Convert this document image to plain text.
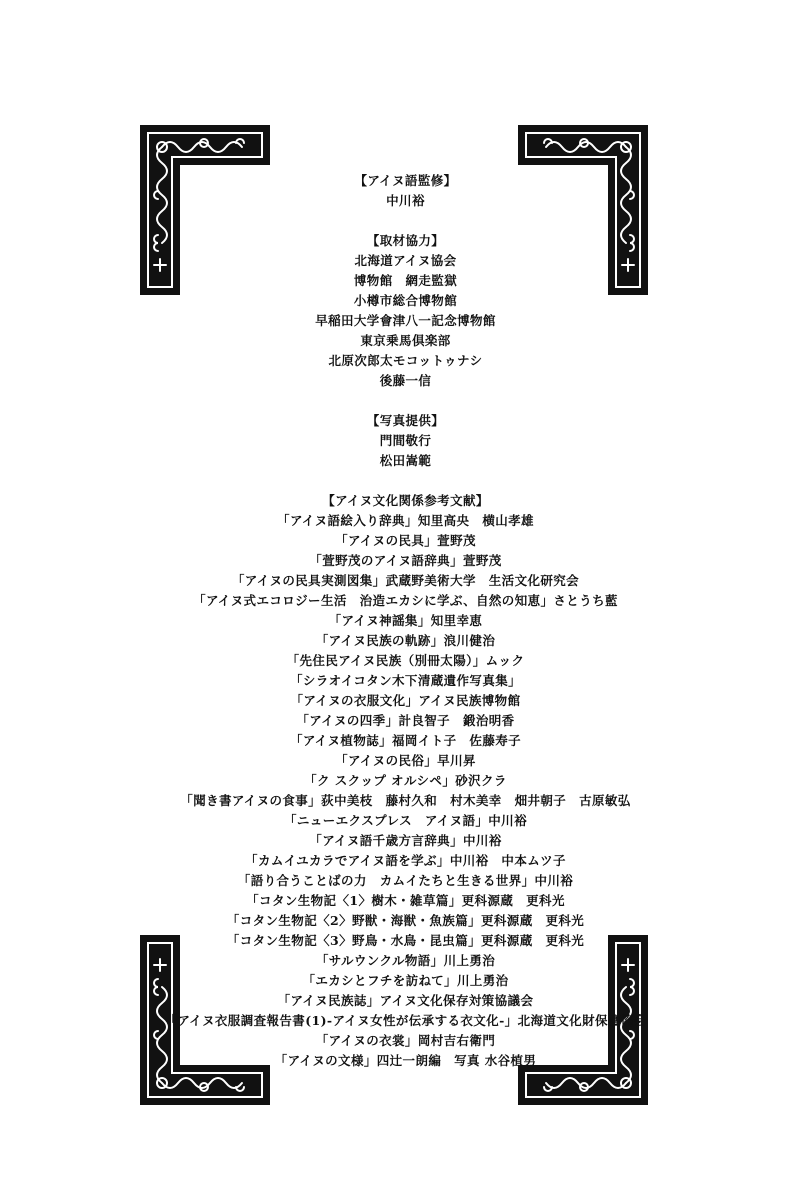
【アイヌ語監修】
中川裕
【取材協力】
北海道アイヌ協会
博物館　網走監獄
小樽市総合博物館
早稲田大学會津八一記念博物館
東京乗馬倶楽部
北原次郎太モコットゥナシ
後藤一信
【写真提供】
門間敬行
松田嵩範
【アイヌ文化関係参考文献】
「アイヌ語絵入り辞典」知里高央　横山孝雄
「アイヌの民具」萱野茂
「萱野茂のアイヌ語辞典」萱野茂
「アイヌの民具実測図集」武蔵野美術大学　生活文化研究会
「アイヌ式エコロジー生活　治造エカシに学ぶ、自然の知恵」さとうち藍
「アイヌ神謡集」知里幸恵
「アイヌ民族の軌跡」浪川健治
「先住民アイヌ民族（別冊太陽）」ムック
「シラオイコタン木下清蔵遺作写真集」
「アイヌの衣服文化」アイヌ民族博物館
「アイヌの四季」計良智子　鍛治明香
「アイヌ植物誌」福岡イト子　佐藤寿子
「アイヌの民俗」早川昇
「ク スクップ オルシペ」砂沢クラ
「聞き書アイヌの食事」荻中美枝　藤村久和　村木美幸　畑井朝子　古原敏弘
「ニューエクスプレス　アイヌ語」中川裕
「アイヌ語千歳方言辞典」中川裕
「カムイユカラでアイヌ語を学ぶ」中川裕　中本ムツ子
「語り合うことばの力　カムイたちと生きる世界」中川裕
「コタン生物記〈1〉樹木・雑草篇」更科源蔵　更科光
「コタン生物記〈2〉野獣・海獣・魚族篇」更科源蔵　更科光
「コタン生物記〈3〉野鳥・水鳥・昆虫篇」更科源蔵　更科光
「サルウンクル物語」川上勇治
「エカシとフチを訪ねて」川上勇治
「アイヌ民族誌」アイヌ文化保存対策協議会
「アイヌ衣服調査報告書(1)-アイヌ女性が伝承する衣文化-」北海道文化財保護協会
「アイヌの衣裳」岡村吉右衛門
「アイヌの文様」四辻一朗編　写真 水谷植男
